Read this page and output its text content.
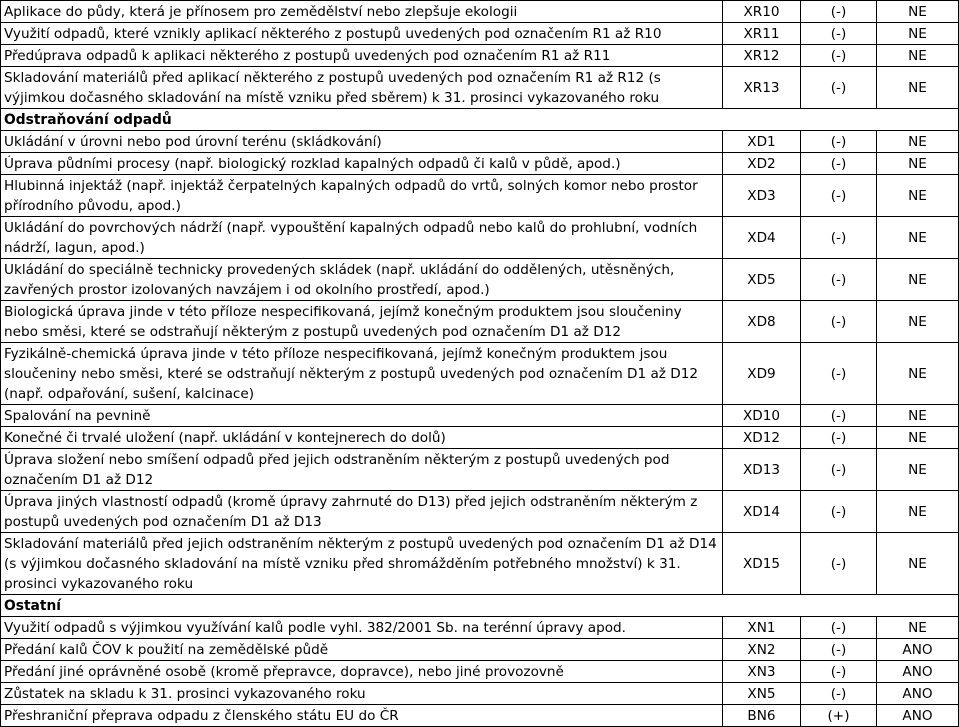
Aplikace do půdy, která je přínosem pro zemědělství nebo zlepšuje ekologii	XR10	(-)	NE
Využití odpadů, které vznikly aplikací některého z postupů uvedených pod označením R1 až R10	XR11	(-)	NE
Předúprava odpadů k aplikaci některého z postupů uvedených pod označením R1 až R11	XR12	(-)	NE
Skladování materiálů před aplikací některého z postupů uvedených pod označením R1 až R12 (s výjimkou dočasného skladování na místě vzniku před sběrem) k 31. prosinci vykazovaného roku	XR13	(-)	NE
Odstraňování odpadů			
Ukládání v úrovni nebo pod úrovní terénu (skládkování)	XD1	(-)	NE
Úprava půdními procesy (např. biologický rozklad kapalných odpadů či kalů v půdě, apod.)	XD2	(-)	NE
Hlubinná injektáž (např. injektáž čerpatelných kapalných odpadů do vrtů, solných komor nebo prostor přírodního původu, apod.)	XD3	(-)	NE
Ukládání do povrchových nádrží (např. vypouštění kapalných odpadů nebo kalů do prohlubní, vodních nádrží, lagun, apod.)	XD4	(-)	NE
Ukládání do speciálně technicky provedených skládek (např. ukládání do oddělených, utěsněných, zavřených prostor izolovaných navzájem i od okolního prostředí, apod.)	XD5	(-)	NE
Biologická úprava jinde v této příloze nespecifikovaná, jejímž konečným produktem jsou sloučeniny nebo směsi, které se odstraňují některým z postupů uvedených pod označením D1 až D12	XD8	(-)	NE
Fyzikálně-chemická úprava jinde v této příloze nespecifikovaná, jejímž konečným produktem jsou sloučeniny nebo směsi, které se odstraňují některým z postupů uvedených pod označením D1 až D12 (např. odpařování, sušení, kalcinace)	XD9	(-)	NE
Spalování na pevnině	XD10	(-)	NE
Konečné či trvalé uložení (např. ukládání v kontejnerech do dolů)	XD12	(-)	NE
Úprava složení nebo smíšení odpadů před jejich odstraněním některým z postupů uvedených pod označením D1 až D12	XD13	(-)	NE
Úprava jiných vlastností odpadů (kromě úpravy zahrnuté do D13) před jejich odstraněním některým z postupů uvedených pod označením D1 až D13	XD14	(-)	NE
Skladování materiálů před jejich odstraněním některým z postupů uvedených pod označením D1 až D14 (s výjimkou dočasného skladování na místě vzniku před shromážděním potřebného množství) k 31. prosinci vykazovaného roku	XD15	(-)	NE
Ostatní			
Využití odpadů s výjimkou využívání kalů podle vyhl. 382/2001 Sb. na terénní úpravy apod.	XN1	(-)	NE
Předání kalů ČOV k použití na zemědělské půdě	XN2	(-)	ANO
Předání jiné oprávněné osobě (kromě přepravce, dopravce), nebo jiné provozovně	XN3	(-)	ANO
Zůstatek na skladu k 31. prosinci vykazovaného roku	XN5	(-)	ANO
Přeshraniční přeprava odpadu z členského státu EU do ČR	BN6	(+)	ANO
